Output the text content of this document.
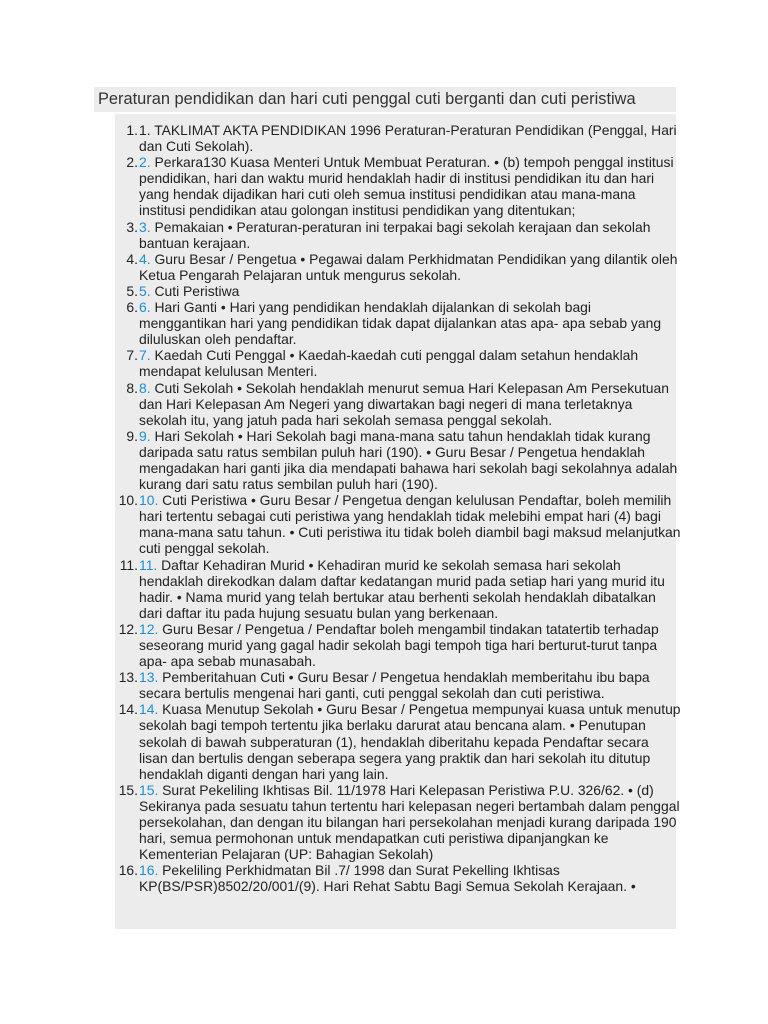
Peraturan pendidikan dan hari cuti penggal cuti berganti dan cuti peristiwa
1. 1. TAKLIMAT AKTA PENDIDIKAN 1996 Peraturan-Peraturan Pendidikan (Penggal, Hari dan Cuti Sekolah).
2. 2. Perkara130 Kuasa Menteri Untuk Membuat Peraturan. • (b) tempoh penggal institusi pendidikan, hari dan waktu murid hendaklah hadir di institusi pendidikan itu dan hari yang hendak dijadikan hari cuti oleh semua institusi pendidikan atau mana-mana institusi pendidikan atau golongan institusi pendidikan yang ditentukan;
3. 3. Pemakaian • Peraturan-peraturan ini terpakai bagi sekolah kerajaan dan sekolah bantuan kerajaan.
4. 4. Guru Besar / Pengetua • Pegawai dalam Perkhidmatan Pendidikan yang dilantik oleh Ketua Pengarah Pelajaran untuk mengurus sekolah.
5. 5. Cuti Peristiwa
6. 6. Hari Ganti • Hari yang pendidikan hendaklah dijalankan di sekolah bagi menggantikan hari yang pendidikan tidak dapat dijalankan atas apa- apa sebab yang diluluskan oleh pendaftar.
7. 7. Kaedah Cuti Penggal • Kaedah-kaedah cuti penggal dalam setahun hendaklah mendapat kelulusan Menteri.
8. 8. Cuti Sekolah • Sekolah hendaklah menurut semua Hari Kelepasan Am Persekutuan dan Hari Kelepasan Am Negeri yang diwartakan bagi negeri di mana terletaknya sekolah itu, yang jatuh pada hari sekolah semasa penggal sekolah.
9. 9. Hari Sekolah • Hari Sekolah bagi mana-mana satu tahun hendaklah tidak kurang daripada satu ratus sembilan puluh hari (190). • Guru Besar / Pengetua hendaklah mengadakan hari ganti jika dia mendapati bahawa hari sekolah bagi sekolahnya adalah kurang dari satu ratus sembilan puluh hari (190).
10. 10. Cuti Peristiwa • Guru Besar / Pengetua dengan kelulusan Pendaftar, boleh memilih hari tertentu sebagai cuti peristiwa yang hendaklah tidak melebihi empat hari (4) bagi mana-mana satu tahun. • Cuti peristiwa itu tidak boleh diambil bagi maksud melanjutkan cuti penggal sekolah.
11. 11. Daftar Kehadiran Murid • Kehadiran murid ke sekolah semasa hari sekolah hendaklah direkodkan dalam daftar kedatangan murid pada setiap hari yang murid itu hadir. • Nama murid yang telah bertukar atau berhenti sekolah hendaklah dibatalkan dari daftar itu pada hujung sesuatu bulan yang berkenaan.
12. 12. Guru Besar / Pengetua / Pendaftar boleh mengambil tindakan tatatertib terhadap seseorang murid yang gagal hadir sekolah bagi tempoh tiga hari berturut-turut tanpa apa- apa sebab munasabah.
13. 13. Pemberitahuan Cuti • Guru Besar / Pengetua hendaklah memberitahu ibu bapa secara bertulis mengenai hari ganti, cuti penggal sekolah dan cuti peristiwa.
14. 14. Kuasa Menutup Sekolah • Guru Besar / Pengetua mempunyai kuasa untuk menutup sekolah bagi tempoh tertentu jika berlaku darurat atau bencana alam. • Penutupan sekolah di bawah subperaturan (1), hendaklah diberitahu kepada Pendaftar secara lisan dan bertulis dengan seberapa segera yang praktik dan hari sekolah itu ditutup hendaklah diganti dengan hari yang lain.
15. 15. Surat Pekeliling Ikhtisas Bil. 11/1978 Hari Kelepasan Peristiwa P.U. 326/62. • (d) Sekiranya pada sesuatu tahun tertentu hari kelepasan negeri bertambah dalam penggal persekolahan, dan dengan itu bilangan hari persekolahan menjadi kurang daripada 190 hari, semua permohonan untuk mendapatkan cuti peristiwa dipanjangkan ke Kementerian Pelajaran (UP: Bahagian Sekolah)
16. 16. Pekeliling Perkhidmatan Bil .7/ 1998 dan Surat Pekelling Ikhtisas KP(BS/PSR)8502/20/001/(9). Hari Rehat Sabtu Bagi Semua Sekolah Kerajaan. •
